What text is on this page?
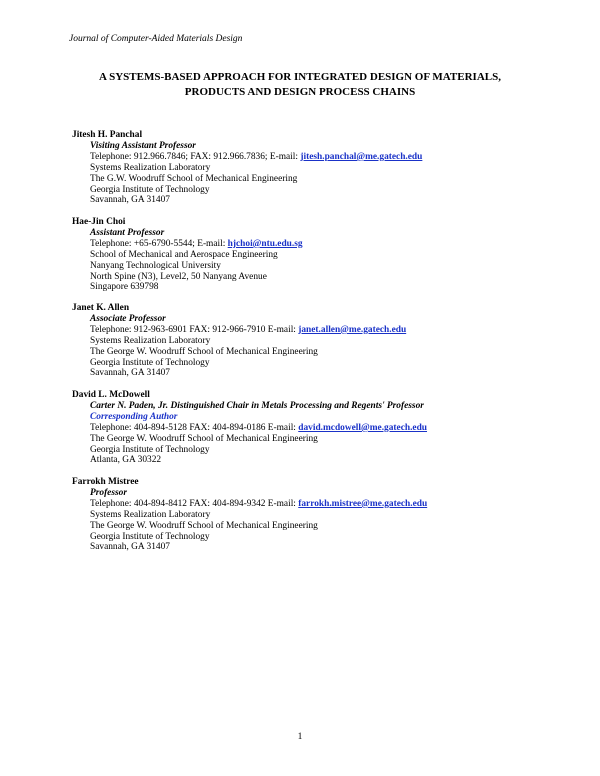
Journal of Computer-Aided Materials Design
A SYSTEMS-BASED APPROACH FOR INTEGRATED DESIGN OF MATERIALS,
PRODUCTS AND DESIGN PROCESS CHAINS
Jitesh H. Panchal
Visiting Assistant Professor
Telephone: 912.966.7846; FAX: 912.966.7836; E-mail: jitesh.panchal@me.gatech.edu
Systems Realization Laboratory
The G.W. Woodruff School of Mechanical Engineering
Georgia Institute of Technology
Savannah, GA 31407
Hae-Jin Choi
Assistant Professor
Telephone: +65-6790-5544; E-mail: hjchoi@ntu.edu.sg
School of Mechanical and Aerospace Engineering
Nanyang Technological University
North Spine (N3), Level2, 50 Nanyang Avenue
Singapore 639798
Janet K. Allen
Associate Professor
Telephone: 912-963-6901 FAX: 912-966-7910 E-mail: janet.allen@me.gatech.edu
Systems Realization Laboratory
The George W. Woodruff School of Mechanical Engineering
Georgia Institute of Technology
Savannah, GA 31407
David L. McDowell
Carter N. Paden, Jr. Distinguished Chair in Metals Processing and Regents' Professor
Corresponding Author
Telephone: 404-894-5128 FAX: 404-894-0186 E-mail: david.mcdowell@me.gatech.edu
The George W. Woodruff School of Mechanical Engineering
Georgia Institute of Technology
Atlanta, GA 30322
Farrokh Mistree
Professor
Telephone: 404-894-8412 FAX: 404-894-9342 E-mail: farrokh.mistree@me.gatech.edu
Systems Realization Laboratory
The George W. Woodruff School of Mechanical Engineering
Georgia Institute of Technology
Savannah, GA 31407
1
